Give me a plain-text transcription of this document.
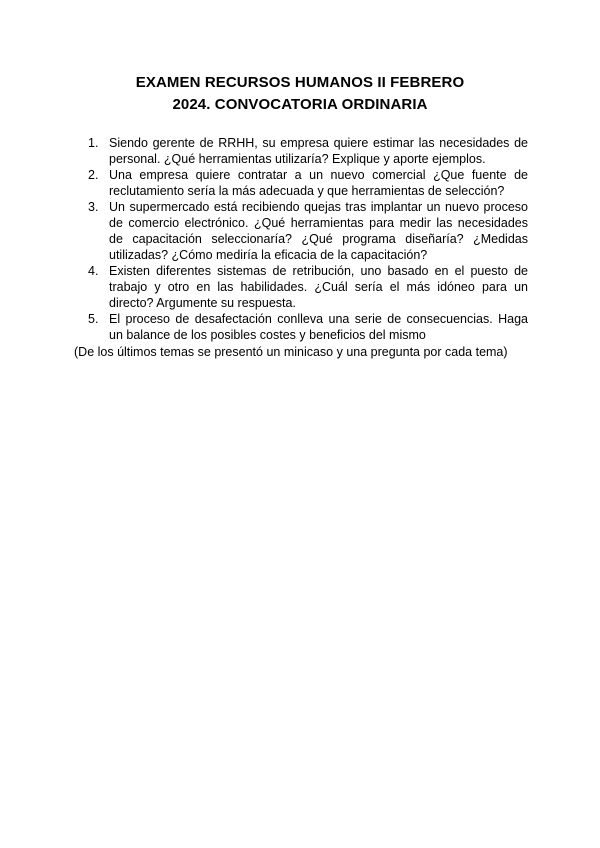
EXAMEN RECURSOS HUMANOS II FEBRERO
2024. CONVOCATORIA ORDINARIA
1. Siendo gerente de RRHH, su empresa quiere estimar las necesidades de personal. ¿Qué herramientas utilizaría? Explique y aporte ejemplos.
2. Una empresa quiere contratar a un nuevo comercial ¿Que fuente de reclutamiento sería la más adecuada y que herramientas de selección?
3. Un supermercado está recibiendo quejas tras implantar un nuevo proceso de comercio electrónico. ¿Qué herramientas para medir las necesidades de capacitación seleccionaría? ¿Qué programa diseñaría? ¿Medidas utilizadas? ¿Cómo mediría la eficacia de la capacitación?
4. Existen diferentes sistemas de retribución, uno basado en el puesto de trabajo y otro en las habilidades. ¿Cuál sería el más idóneo para un directo? Argumente su respuesta.
5. El proceso de desafectación conlleva una serie de consecuencias. Haga un balance de los posibles costes y beneficios del mismo
(De los últimos temas se presentó un minicaso y una pregunta por cada tema)
